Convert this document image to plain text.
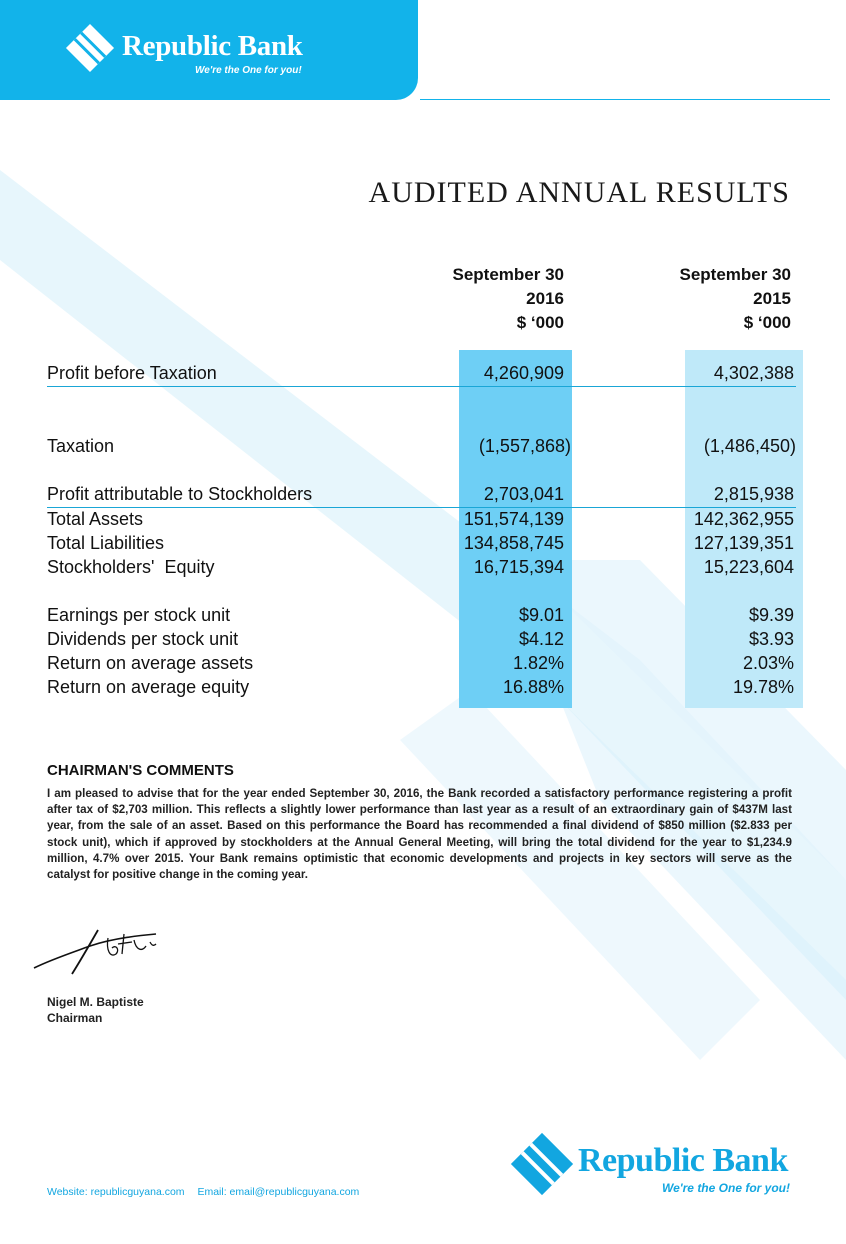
Republic Bank
We're the One for you!
AUDITED ANNUAL RESULTS
September 30
2016
$ ‘000
September 30
2015
$ ‘000
Profit before Taxation	4,260,909	4,302,388
Taxation	(1,557,868)	(1,486,450)
Profit attributable to Stockholders	2,703,041	2,815,938
Total Assets	151,574,139	142,362,955
Total Liabilities	134,858,745	127,139,351
Stockholders'  Equity	16,715,394	15,223,604
Earnings per stock unit	$9.01	$9.39
Dividends per stock unit	$4.12	$3.93
Return on average assets	1.82%	2.03%
Return on average equity	16.88%	19.78%
CHAIRMAN'S COMMENTS
I am pleased to advise that for the year ended September 30, 2016, the Bank recorded a satisfactory performance registering a profit after tax of $2,703 million. This reflects a slightly lower performance than last year as a result of an extraordinary gain of $437M last year, from the sale of an asset. Based on this performance the Board has recommended a final dividend of $850 million ($2.833 per stock unit), which if approved by stockholders at the Annual General Meeting, will bring the total dividend for the year to $1,234.9 million, 4.7% over 2015. Your Bank remains optimistic that economic developments and projects in key sectors will serve as the catalyst for positive change in the coming year.
Nigel M. Baptiste
Chairman
Republic Bank
We're the One for you!
Website: republicguyana.com Email: email@republicguyana.com
